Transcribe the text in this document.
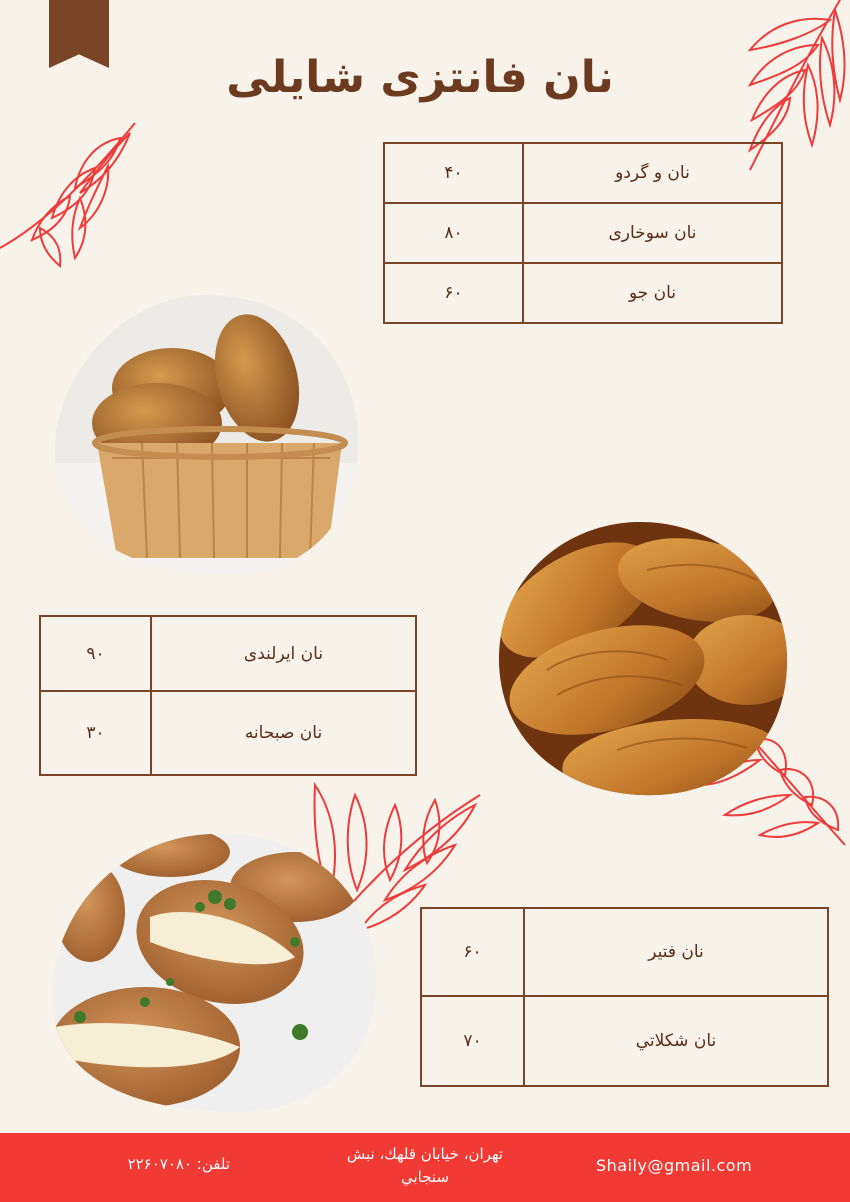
نان فانتزی شایلی
نان و گردو	۴۰
نان سوخاری	۸۰
نان جو	۶۰
نان ایرلندی	۹۰
نان صبحانه	۳۰
نان فتیر	۶۰
نان شکلاتي	۷۰
Shaily@gmail.com
تهران، خیابان قلهك، نبش سنجابي
تلفن: ۲۲۶۰۷۰۸۰
